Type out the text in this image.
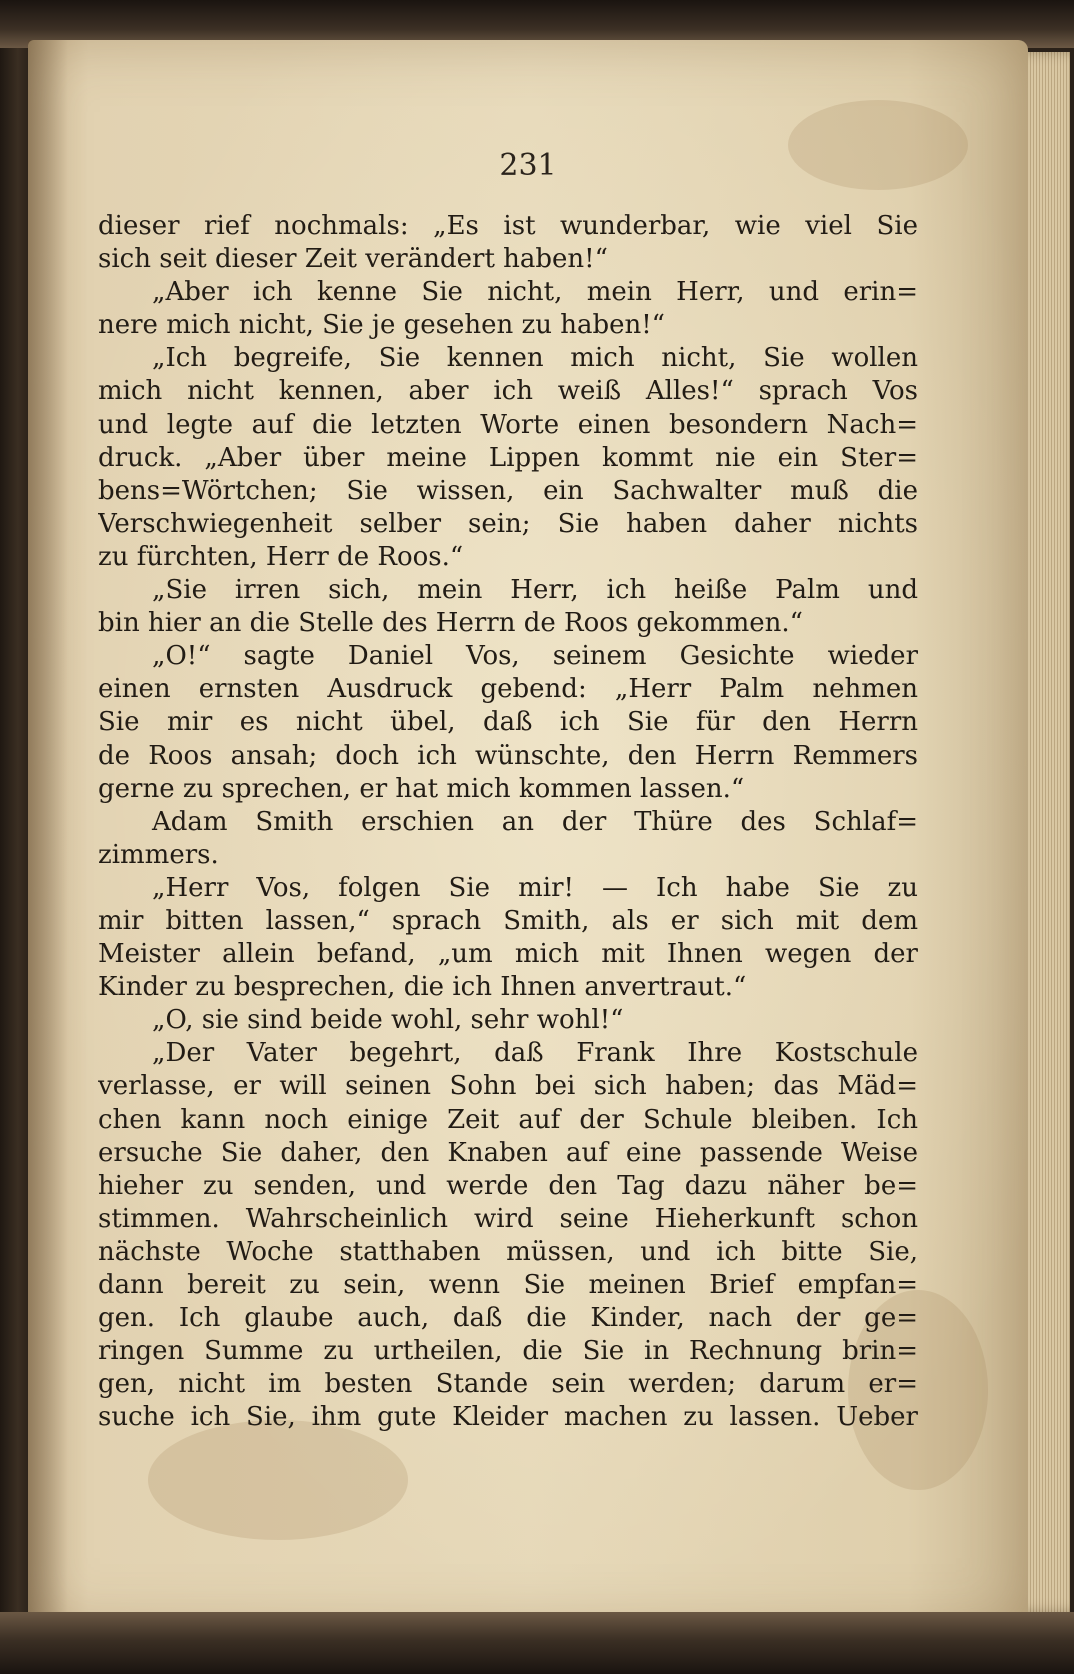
231

dieser rief nochmals: „Es ist wunderbar, wie viel Sie

sich seit dieser Zeit verändert haben!“

„Aber ich kenne Sie nicht, mein Herr, und erin=

nere mich nicht, Sie je gesehen zu haben!“

„Ich begreife, Sie kennen mich nicht, Sie wollen

mich nicht kennen, aber ich weiß Alles!“ sprach Vos

und legte auf die letzten Worte einen besondern Nach=

druck. „Aber über meine Lippen kommt nie ein Ster=

bens=Wörtchen; Sie wissen, ein Sachwalter muß die

Verschwiegenheit selber sein; Sie haben daher nichts

zu fürchten, Herr de Roos.“

„Sie irren sich, mein Herr, ich heiße Palm und

bin hier an die Stelle des Herrn de Roos gekommen.“

„O!“ sagte Daniel Vos, seinem Gesichte wieder

einen ernsten Ausdruck gebend: „Herr Palm nehmen

Sie mir es nicht übel, daß ich Sie für den Herrn

de Roos ansah; doch ich wünschte, den Herrn Remmers

gerne zu sprechen, er hat mich kommen lassen.“

Adam Smith erschien an der Thüre des Schlaf=

zimmers.

„Herr Vos, folgen Sie mir! — Ich habe Sie zu

mir bitten lassen,“ sprach Smith, als er sich mit dem

Meister allein befand, „um mich mit Ihnen wegen der

Kinder zu besprechen, die ich Ihnen anvertraut.“

„O, sie sind beide wohl, sehr wohl!“

„Der Vater begehrt, daß Frank Ihre Kostschule

verlasse, er will seinen Sohn bei sich haben; das Mäd=

chen kann noch einige Zeit auf der Schule bleiben. Ich

ersuche Sie daher, den Knaben auf eine passende Weise

hieher zu senden, und werde den Tag dazu näher be=

stimmen. Wahrscheinlich wird seine Hieherkunft schon

nächste Woche statthaben müssen, und ich bitte Sie,

dann bereit zu sein, wenn Sie meinen Brief empfan=

gen. Ich glaube auch, daß die Kinder, nach der ge=

ringen Summe zu urtheilen, die Sie in Rechnung brin=

gen, nicht im besten Stande sein werden; darum er=

suche ich Sie, ihm gute Kleider machen zu lassen. Ueber
